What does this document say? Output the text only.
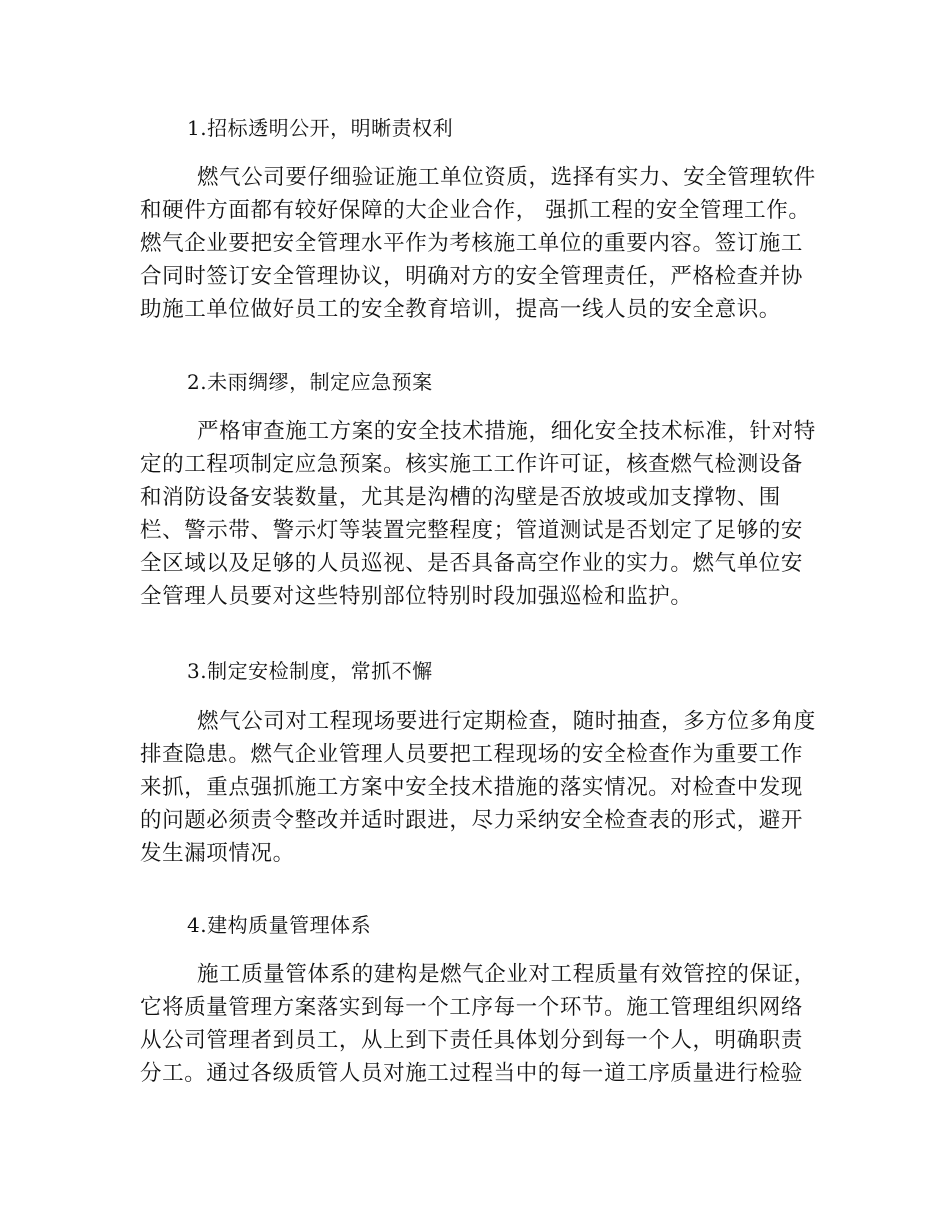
1.招标透明公开，明晰责权利
燃气公司要仔细验证施工单位资质，选择有实力、安全管理软件
和硬件方面都有较好保障的大企业合作， 强抓工程的安全管理工作。
燃气企业要把安全管理水平作为考核施工单位的重要内容。签订施工
合同时签订安全管理协议，明确对方的安全管理责任，严格检查并协
助施工单位做好员工的安全教育培训，提高一线人员的安全意识。
2.未雨绸缪，制定应急预案
严格审查施工方案的安全技术措施，细化安全技术标准，针对特
定的工程项制定应急预案。核实施工工作许可证，核查燃气检测设备
和消防设备安装数量，尤其是沟槽的沟壁是否放坡或加支撑物、围
栏、警示带、警示灯等装置完整程度；管道测试是否划定了足够的安
全区域以及足够的人员巡视、是否具备高空作业的实力。燃气单位安
全管理人员要对这些特别部位特别时段加强巡检和监护。
3.制定安检制度，常抓不懈
燃气公司对工程现场要进行定期检查，随时抽查，多方位多角度
排查隐患。燃气企业管理人员要把工程现场的安全检查作为重要工作
来抓，重点强抓施工方案中安全技术措施的落实情况。对检查中发现
的问题必须责令整改并适时跟进，尽力采纳安全检查表的形式，避开
发生漏项情况。
4.建构质量管理体系
施工质量管体系的建构是燃气企业对工程质量有效管控的保证，
它将质量管理方案落实到每一个工序每一个环节。施工管理组织网络
从公司管理者到员工，从上到下责任具体划分到每一个人，明确职责
分工。通过各级质管人员对施工过程当中的每一道工序质量进行检验
